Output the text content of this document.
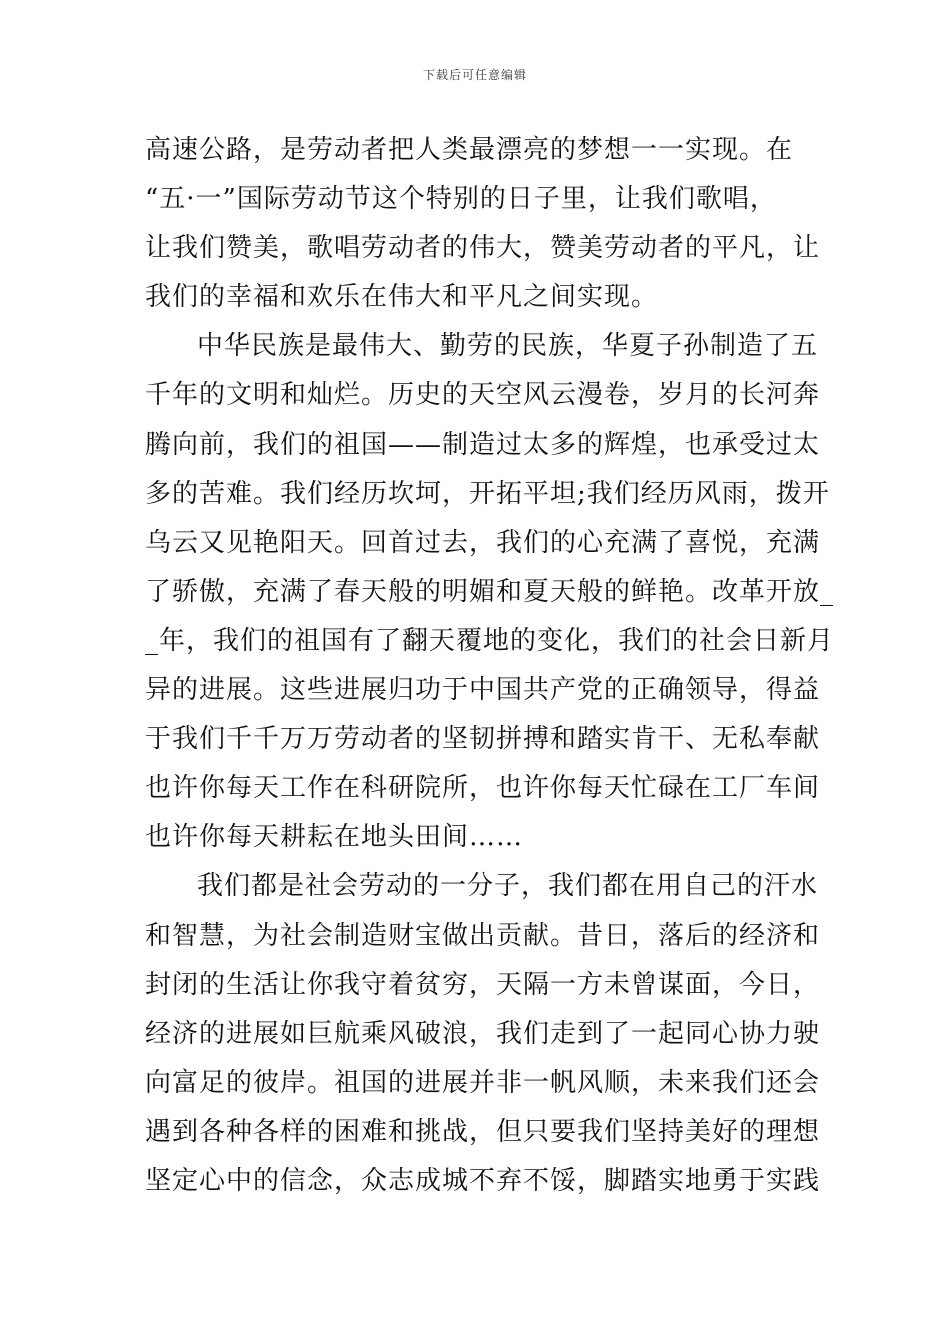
下载后可任意编辑
高速公路，是劳动者把人类最漂亮的梦想一一实现。在
“五·一”国际劳动节这个特别的日子里，让我们歌唱，
让我们赞美，歌唱劳动者的伟大，赞美劳动者的平凡，让
我们的幸福和欢乐在伟大和平凡之间实现。
中华民族是最伟大、勤劳的民族，华夏子孙制造了五
千年的文明和灿烂。历史的天空风云漫卷，岁月的长河奔
腾向前，我们的祖国——制造过太多的辉煌，也承受过太
多的苦难。我们经历坎坷，开拓平坦;我们经历风雨，拨开
乌云又见艳阳天。回首过去，我们的心充满了喜悦，充满
了骄傲，充满了春天般的明媚和夏天般的鲜艳。改革开放_
_年，我们的祖国有了翻天覆地的变化，我们的社会日新月
异的进展。这些进展归功于中国共产党的正确领导，得益
于我们千千万万劳动者的坚韧拼搏和踏实肯干、无私奉献
也许你每天工作在科研院所，也许你每天忙碌在工厂车间
也许你每天耕耘在地头田间……
我们都是社会劳动的一分子，我们都在用自己的汗水
和智慧，为社会制造财宝做出贡献。昔日，落后的经济和
封闭的生活让你我守着贫穷，天隔一方未曾谋面，今日，
经济的进展如巨航乘风破浪，我们走到了一起同心协力驶
向富足的彼岸。祖国的进展并非一帆风顺，未来我们还会
遇到各种各样的困难和挑战，但只要我们坚持美好的理想
坚定心中的信念，众志成城不弃不馁，脚踏实地勇于实践
